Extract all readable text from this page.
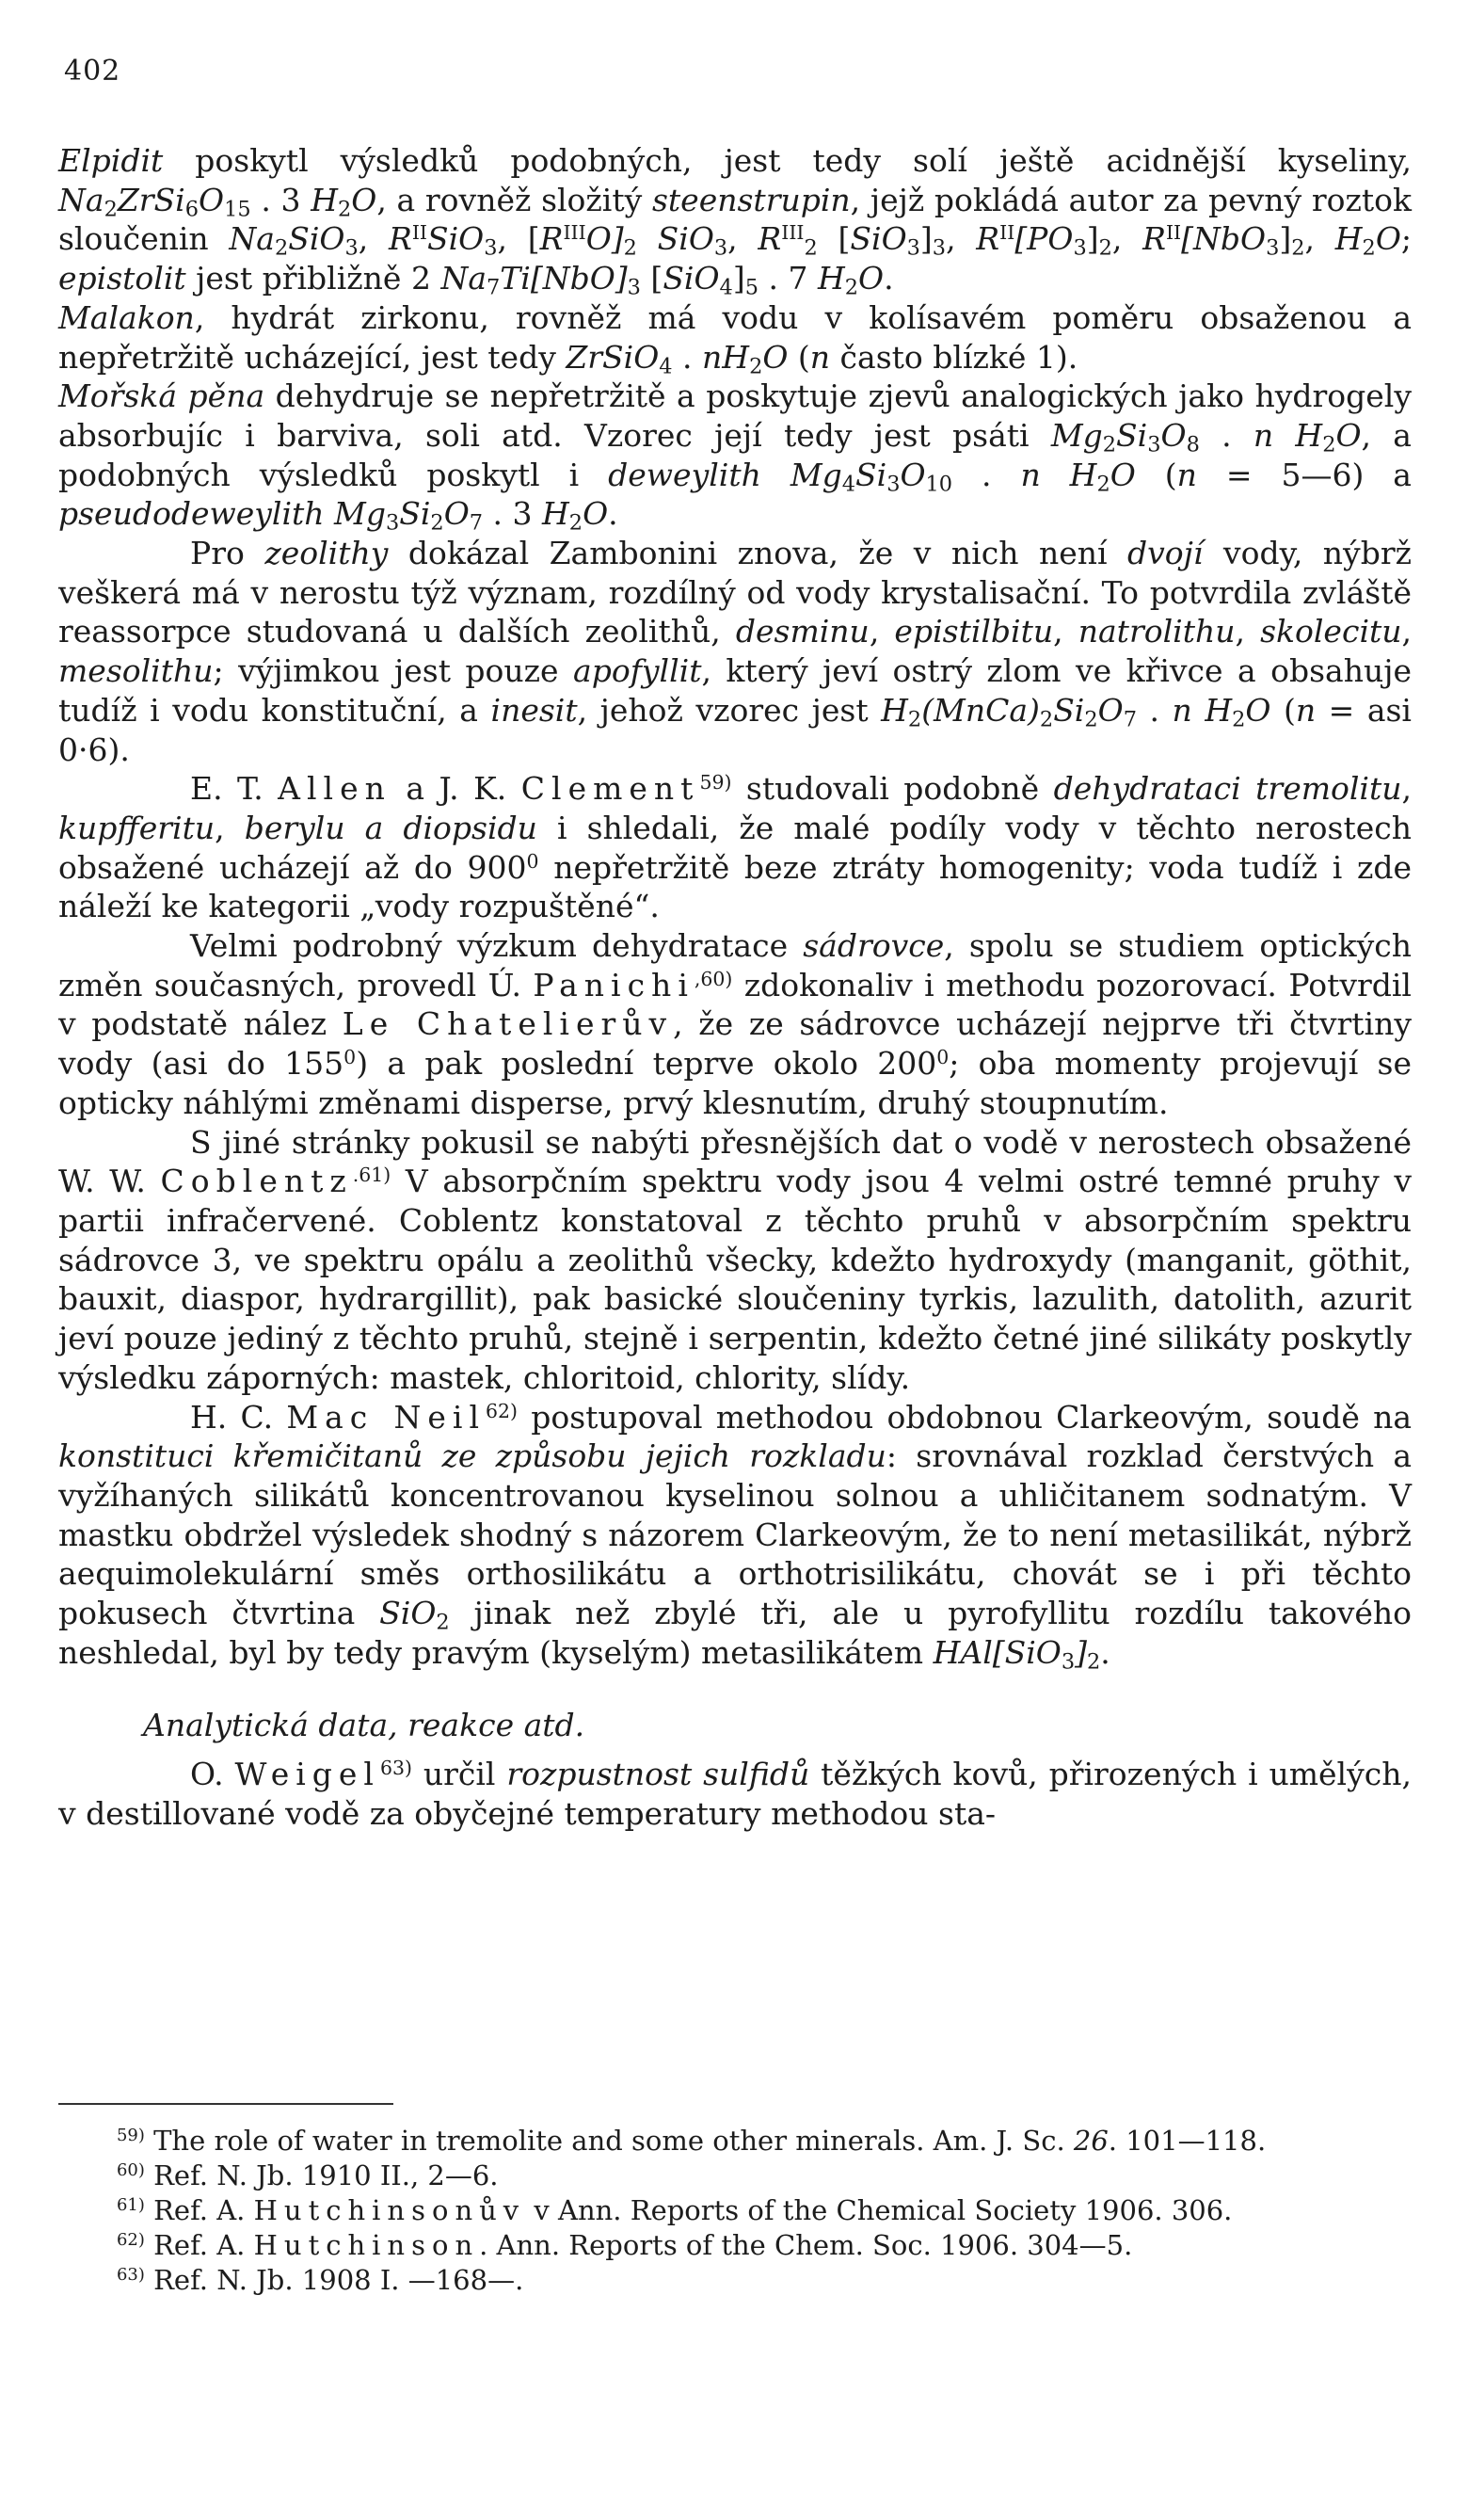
402

Elpidit poskytl výsledků podobných, jest tedy solí ještě acidnější kyseliny, $Na_2ZrSi_6O_{15}$ . 3 $H_2O$, a rovněž složitý steenstrupin, jejž pokládá autor za pevný roztok sloučenin $Na_2SiO_3$, $R^{II}SiO_3$, $[R^{III}O]_2$ SiO$_3$, $R^{III}_2$ $[SiO_3]_3$, $R^{II}[PO_3]_2$, $R^{II}[NbO_3]_2$, $H_2O$; epistolit jest přibližně 2 $Na_7Ti[NbO]_3$ $[SiO_4]_5$ . 7 $H_2O$.

Malakon, hydrát zirkonu, rovněž má vodu v kolísavém poměru obsaženou a nepřetržitě ucházející, jest tedy ZrSiO$_4$ . $nH_2O$ (n často blízké 1).

Mořská pěna dehydruje se nepřetržitě a poskytuje zjevů analogických jako hydrogely absorbujíc i barviva, soli atd. Vzorec její tedy jest psáti $Mg_2Si_3O_8$ . n $H_2O$, a podobných výsledků poskytl i deweylith $Mg_4Si_3O_{10}$ . n $H_2O$ (n = 5—6) a pseudodeweylith $Mg_3Si_2O_7$ . 3 $H_2O$.

Pro zeolithy dokázal Zambonini znova, že v nich není dvojí vody, nýbrž veškerá má v nerostu týž význam, rozdílný od vody krystalisační. To potvrdila zvláště reassorpce studovaná u dalších zeolithů, desminu, epistilbitu, natrolithu, skolecitu, mesolithu; výjimkou jest pouze apofyllit, který jeví ostrý zlom ve křivce a obsahuje tudíž i vodu konstituční, a inesit, jehož vzorec jest $H_2(MnCa)_2Si_2O_7$ . n $H_2O$ (n = asi 0·6).

E. T. Allen a J. K. Clement$^{59)}$ studovali podobně dehydrataci tremolitu, kupfferitu, berylu a diopsidu i shledali, že malé podíly vody v těchto nerostech obsažené ucházejí až do $900^0$ nepřetržitě beze ztráty homogenity; voda tudíž i zde náleží ke kategorii „vody rozpuštěné“.

Velmi podrobný výzkum dehydratace sádrovce, spolu se studiem optických změn současných, provedl Ú. Panichi$^{,60)}$ zdokonaliv i methodu pozorovací. Potvrdil v podstatě nález Le Chatelierův, že ze sádrovce ucházejí nejprve tři čtvrtiny vody (asi do $155^0$) a pak poslední teprve okolo $200^0$; oba momenty projevují se opticky náhlými změnami disperse, prvý klesnutím, druhý stoupnutím.

S jiné stránky pokusil se nabýti přesnějších dat o vodě v nerostech obsažené W. W. Coblentz$^{.61)}$ V absorpčním spektru vody jsou 4 velmi ostré temné pruhy v partii infračervené. Coblentz konstatoval z těchto pruhů v absorpčním spektru sádrovce 3, ve spektru opálu a zeolithů všecky, kdežto hydroxydy (manganit, göthit, bauxit, diaspor, hydrargillit), pak basické sloučeniny tyrkis, lazulith, datolith, azurit jeví pouze jediný z těchto pruhů, stejně i serpentin, kdežto četné jiné silikáty poskytly výsledku záporných: mastek, chloritoid, chlority, slídy.

H. C. Mac Neil$^{62)}$ postupoval methodou obdobnou Clarkeovým, soudě na konstituci křemičitanů ze způsobu jejich rozkladu: srovnával rozklad čerstvých a vyžíhaných silikátů koncentrovanou kyselinou solnou a uhličitanem sodnatým. V mastku obdržel výsledek shodný s názorem Clarkeovým, že to není metasilikát, nýbrž aequimolekulární směs orthosilikátu a orthotrisilikátu, chovát se i při těchto pokusech čtvrtina SiO$_2$ jinak než zbylé tři, ale u pyrofyllitu rozdílu takového neshledal, byl by tedy pravým (kyselým) metasilikátem $HAl[SiO_3]_2$.

Analytická data, reakce atd.

O. Weigel$^{63)}$ určil rozpustnost sulfidů těžkých kovů, přirozených i umělých, v destillované vodě za obyčejné temperatury methodou sta-

$^{59)}$ The role of water in tremolite and some other minerals. Am. J. Sc. 26. 101—118.

$^{60)}$ Ref. N. Jb. 1910 II., 2—6.

$^{61)}$ Ref. A. Hutchinsonův v Ann. Reports of the Chemical Society 1906. 306.

$^{62)}$ Ref. A. Hutchinson. Ann. Reports of the Chem. Soc. 1906. 304—5.

$^{63)}$ Ref. N. Jb. 1908 I. —168—.
